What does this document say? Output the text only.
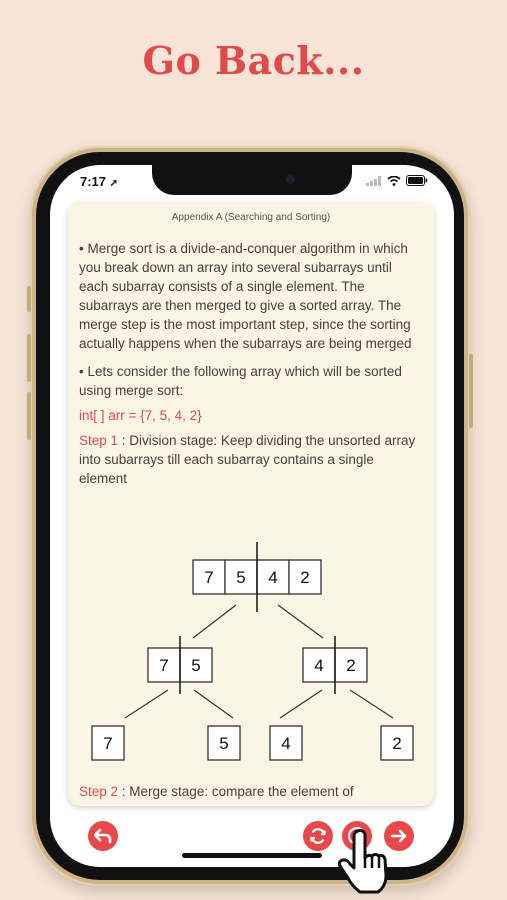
Go Back...
7:17 ➚
Appendix A (Searching and Sorting)

• Merge sort is a divide-and-conquer algorithm in which you break down an array into several subarrays until each subarray consists of a single element. The subarrays are then merged to give a sorted array. The merge step is the most important step, since the sorting actually happens when the subarrays are being merged

• Lets consider the following array which will be sorted using merge sort:

int[ ] arr = {7, 5, 4, 2}

Step 1 : Division stage: Keep dividing the unsorted array into subarrays till each subarray contains a single element

7 5 4 2
7 5	4 2
7	5	4	2
Step 2 : Merge stage: compare the element of
